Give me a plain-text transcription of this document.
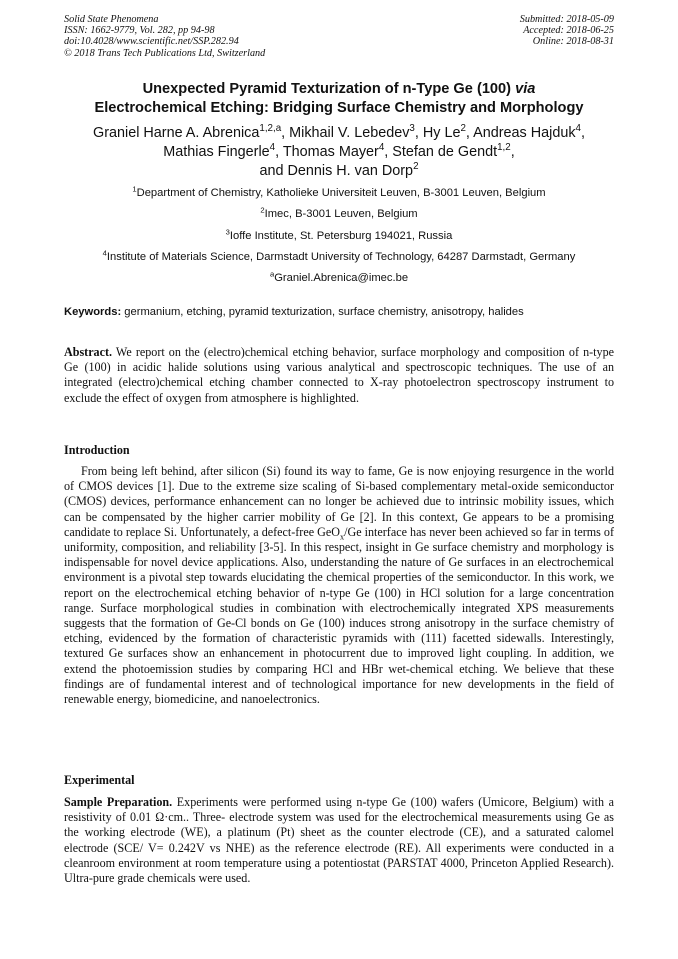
Solid State Phenomena
ISSN: 1662-9779, Vol. 282, pp 94-98
doi:10.4028/www.scientific.net/SSP.282.94
© 2018 Trans Tech Publications Ltd, Switzerland
Submitted: 2018-05-09
Accepted: 2018-06-25
Online: 2018-08-31
Unexpected Pyramid Texturization of n-Type Ge (100) via
Electrochemical Etching: Bridging Surface Chemistry and Morphology
Graniel Harne A. Abrenica$^{1,2,a}$, Mikhail V. Lebedev$^3$, Hy Le$^2$, Andreas Hajduk$^4$,
Mathias Fingerle$^4$, Thomas Mayer$^4$, Stefan de Gendt$^{1,2}$,
and Dennis H. van Dorp$^2$
$^1$Department of Chemistry, Katholieke Universiteit Leuven, B-3001 Leuven, Belgium
$^2$Imec, B-3001 Leuven, Belgium
$^3$Ioffe Institute, St. Petersburg 194021, Russia
$^4$Institute of Materials Science, Darmstadt University of Technology, 64287 Darmstadt, Germany
$^a$Graniel.Abrenica@imec.be
Keywords: germanium, etching, pyramid texturization, surface chemistry, anisotropy, halides
Abstract. We report on the (electro)chemical etching behavior, surface morphology and composition of n-type Ge (100) in acidic halide solutions using various analytical and spectroscopic techniques. The use of an integrated (electro)chemical etching chamber connected to X-ray photoelectron spectroscopy instrument to exclude the effect of oxygen from atmosphere is highlighted.
Introduction
From being left behind, after silicon (Si) found its way to fame, Ge is now enjoying resurgence in the world of CMOS devices [1]. Due to the extreme size scaling of Si-based complementary metal-oxide semiconductor (CMOS) devices, performance enhancement can no longer be achieved due to intrinsic mobility issues, which can be compensated by the higher carrier mobility of Ge [2]. In this context, Ge appears to be a promising candidate to replace Si. Unfortunately, a defect-free GeO$_x$/Ge interface has never been achieved so far in terms of uniformity, composition, and reliability [3-5]. In this respect, insight in Ge surface chemistry and morphology is indispensable for novel device applications. Also, understanding the nature of Ge surfaces in an electrochemical environment is a pivotal step towards elucidating the chemical properties of the semiconductor. In this work, we report on the electrochemical etching behavior of n-type Ge (100) in HCl solution for a large concentration range. Surface morphological studies in combination with electrochemically integrated XPS measurements suggests that the formation of Ge-Cl bonds on Ge (100) induces strong anisotropy in the surface chemistry of etching, evidenced by the formation of characteristic pyramids with (111) facetted sidewalls. Interestingly, textured Ge surfaces show an enhancement in photocurrent due to improved light coupling. In addition, we extend the photoemission studies by comparing HCl and HBr wet-chemical etching. We believe that these findings are of fundamental interest and of technological importance for new developments in the field of renewable energy, biomedicine, and nanoelectronics.
Experimental
Sample Preparation. Experiments were performed using n-type Ge (100) wafers (Umicore, Belgium) with a resistivity of 0.01 Ω·cm.. Three- electrode system was used for the electrochemical measurements using Ge as the working electrode (WE), a platinum (Pt) sheet as the counter electrode (CE), and a saturated calomel electrode (SCE/ V= 0.242V vs NHE) as the reference electrode (RE). All experiments were conducted in a cleanroom environment at room temperature using a potentiostat (PARSTAT 4000, Princeton Applied Research). Ultra-pure grade chemicals were used.
